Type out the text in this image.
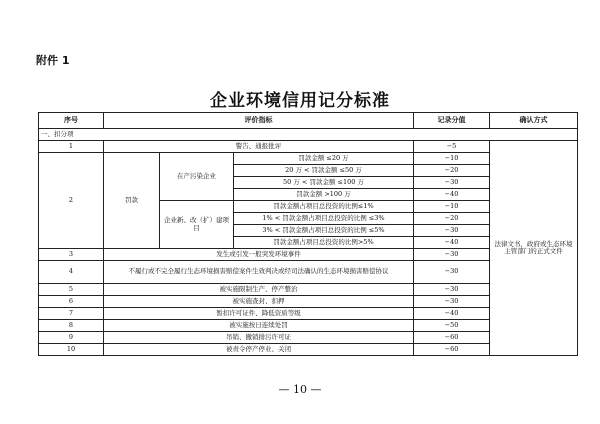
附件 1
企业环境信用记分标准
序号	评价指标			记录分值	确认方式
一、扣分项					
1	警告、通报批评			−5	法律文书，政府或生态环境主管部门的正式文件
2	罚款	在产污染企业	罚款金额 ≤20 万	−10	
			20 万 < 罚款金额 ≤50 万	−20	
			50 万 < 罚款金额 ≤100 万	−30	
			罚款金额 >100 万	−40	
		企业新、改（扩）建项目	罚款金额占项目总投资的比例≤1%	−10	
			1% < 罚款金额占项目总投资的比例 ≤3%	−20	
			3% < 罚款金额占项目总投资的比例 ≤5%	−30	
			罚款金额占项目总投资的比例>5%	−40	
3	发生或引发一般突发环境事件			−30	
4	不履行或不完全履行生态环境损害赔偿案件生效判决或经司法确认的生态环境损害赔偿协议			−30	
5	被实施限制生产、停产整治			−30	
6	被实施查封、扣押			−30	
7	暂扣许可证件、降低资质等级			−40	
8	被实施按日连续处罚			−50	
9	吊销、撤销排污许可证			−60	
10	被责令停产停业、关闭			−60	
— 10 —
